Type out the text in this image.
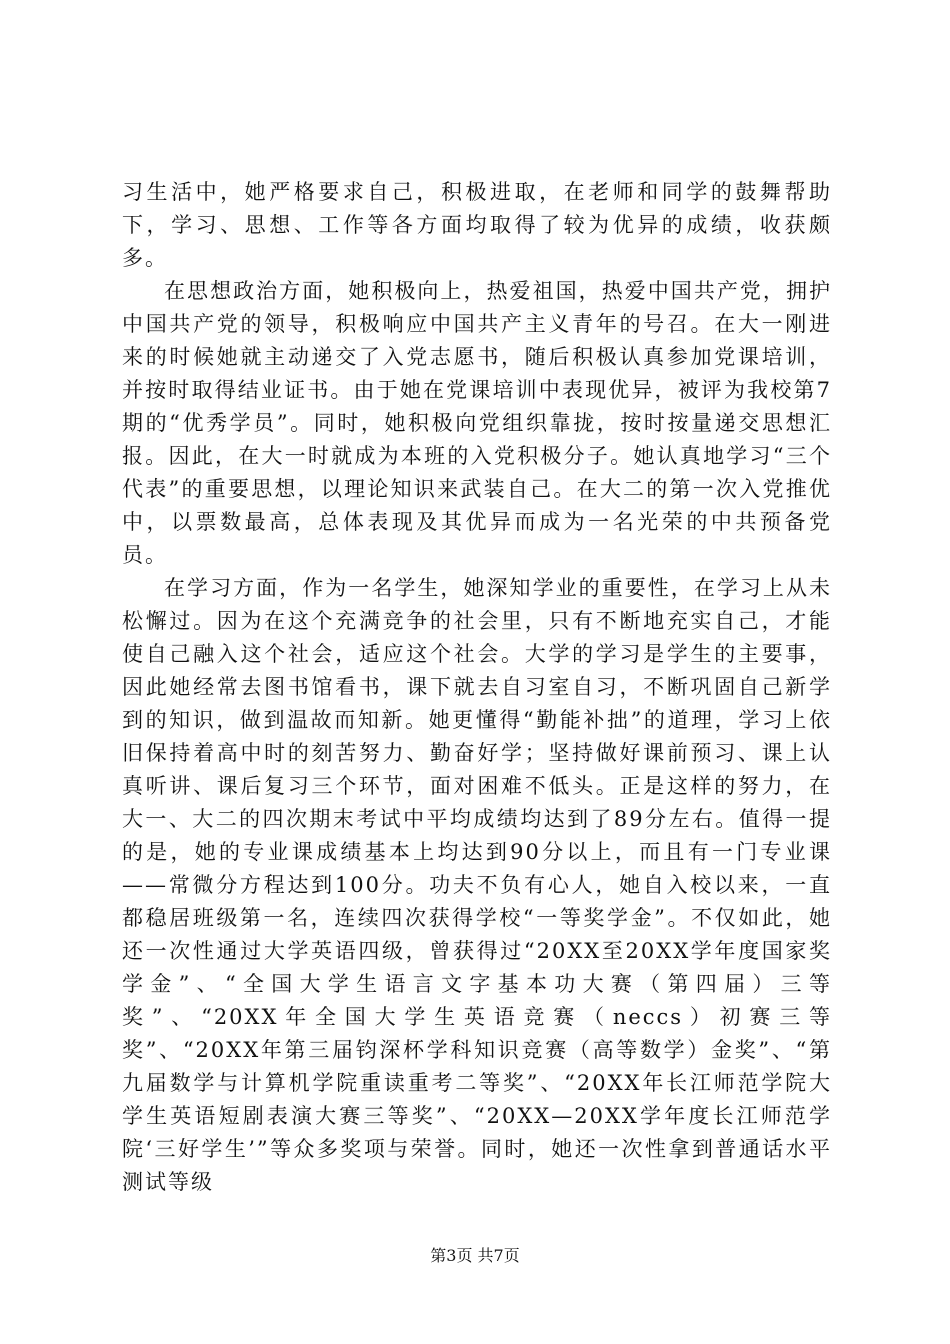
习生活中，她严格要求自己，积极进取，在老师和同学的鼓舞帮助下，学习、思想、工作等各方面均取得了较为优异的成绩，收获颇多。

在思想政治方面，她积极向上，热爱祖国，热爱中国共产党，拥护中国共产党的领导，积极响应中国共产主义青年的号召。在大一刚进来的时候她就主动递交了入党志愿书，随后积极认真参加党课培训，并按时取得结业证书。由于她在党课培训中表现优异，被评为我校第7期的“优秀学员”。同时，她积极向党组织靠拢，按时按量递交思想汇报。因此，在大一时就成为本班的入党积极分子。她认真地学习“三个代表”的重要思想，以理论知识来武装自己。在大二的第一次入党推优中，以票数最高，总体表现及其优异而成为一名光荣的中共预备党员。

在学习方面，作为一名学生，她深知学业的重要性，在学习上从未松懈过。因为在这个充满竞争的社会里，只有不断地充实自己，才能使自己融入这个社会，适应这个社会。大学的学习是学生的主要事，因此她经常去图书馆看书，课下就去自习室自习，不断巩固自己新学到的知识，做到温故而知新。她更懂得“勤能补拙”的道理，学习上依旧保持着高中时的刻苦努力、勤奋好学；坚持做好课前预习、课上认真听讲、课后复习三个环节，面对困难不低头。正是这样的努力，在大一、大二的四次期末考试中平均成绩均达到了89分左右。值得一提的是，她的专业课成绩基本上均达到90分以上，而且有一门专业课——常微分方程达到100分。功夫不负有心人，她自入校以来，一直都稳居班级第一名，连续四次获得学校“一等奖学金”。不仅如此，她还一次性通过大学英语四级，曾获得过“20XX至20XX学年度国家奖学金”、“全国大学生语言文字基本功大赛（第四届）三等奖”、“20XX年全国大学生英语竞赛（neccs）初赛三等奖”、“20XX年第三届钧深杯学科知识竞赛（高等数学）金奖”、“第九届数学与计算机学院重读重考二等奖”、“20XX年长江师范学院大学生英语短剧表演大赛三等奖”、“20XX—20XX学年度长江师范学院‘三好学生’”等众多奖项与荣誉。同时，她还一次性拿到普通话水平测试等级

第3页 共7页
